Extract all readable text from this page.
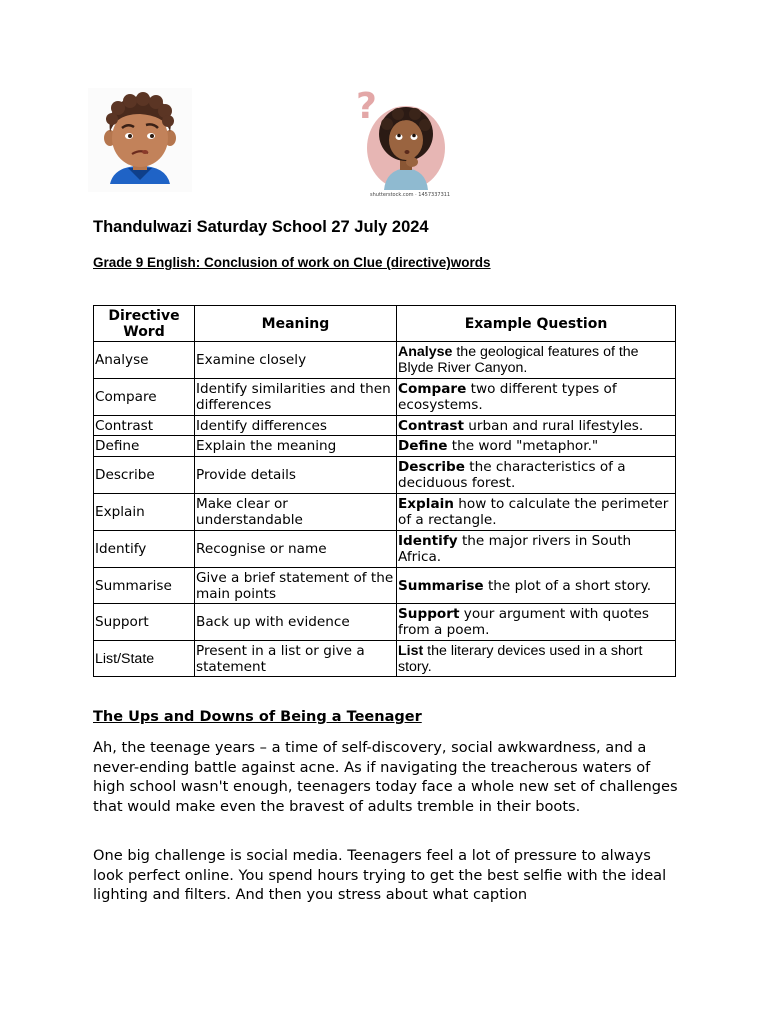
?
shutterstock.com · 1457337311
Thandulwazi Saturday School 27 July 2024
Grade 9 English: Conclusion of work on Clue (directive)words
Directive Word	Meaning	Example Question
Analyse	Examine closely	Analyse the geological features of the Blyde River Canyon.
Compare	Identify similarities and then differences	Compare two different types of ecosystems.
Contrast	Identify differences	Contrast urban and rural lifestyles.
Define	Explain the meaning	Define the word "metaphor."
Describe	Provide details	Describe the characteristics of a deciduous forest.
Explain	Make clear or understandable	Explain how to calculate the perimeter of a rectangle.
Identify	Recognise or name	Identify the major rivers in South Africa.
Summarise	Give a brief statement of the main points	Summarise the plot of a short story.
Support	Back up with evidence	Support your argument with quotes from a poem.
List/State	Present in a list or give a statement	List the literary devices used in a short story.
The Ups and Downs of Being a Teenager

Ah, the teenage years – a time of self-discovery, social awkwardness, and a never-ending battle against acne. As if navigating the treacherous waters of high school wasn't enough, teenagers today face a whole new set of challenges that would make even the bravest of adults tremble in their boots.

One big challenge is social media. Teenagers feel a lot of pressure to always look perfect online. You spend hours trying to get the best selfie with the ideal lighting and filters. And then you stress about what caption
